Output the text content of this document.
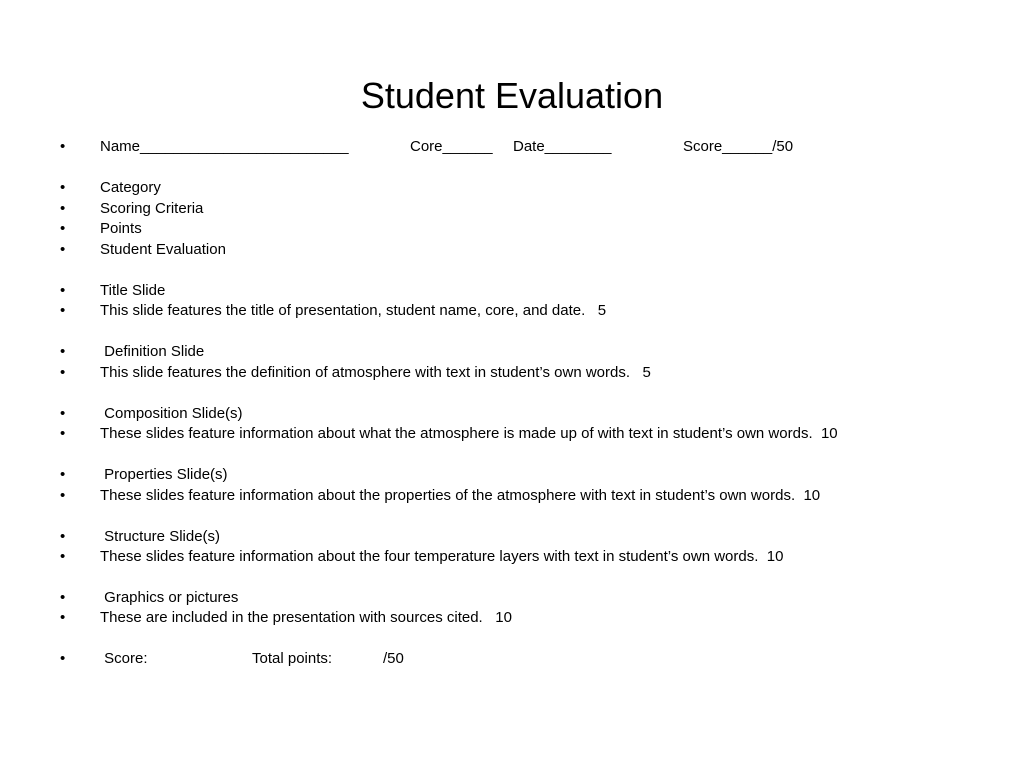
Student Evaluation

•

Name_________________________

	Core______

Date________

	Score______/50

•

Category

•

Scoring Criteria

•

Points

•

Student Evaluation

•

Title Slide

•

This slide features the title of presentation, student name, core, and date.   5

•

Definition Slide

•

This slide features the definition of atmosphere with text in student’s own words.   5

•

Composition Slide(s)

•

These slides feature information about what the atmosphere is made up of with text in student’s own words.  10

•

Properties Slide(s)

•

These slides feature information about the properties of the atmosphere with text in student’s own words.  10

•

Structure Slide(s)

•

These slides feature information about the four temperature layers with text in student’s own words.  10

•

Graphics or pictures

•

These are included in the presentation with sources cited.   10

•

Score:

	Total points:

	/50
